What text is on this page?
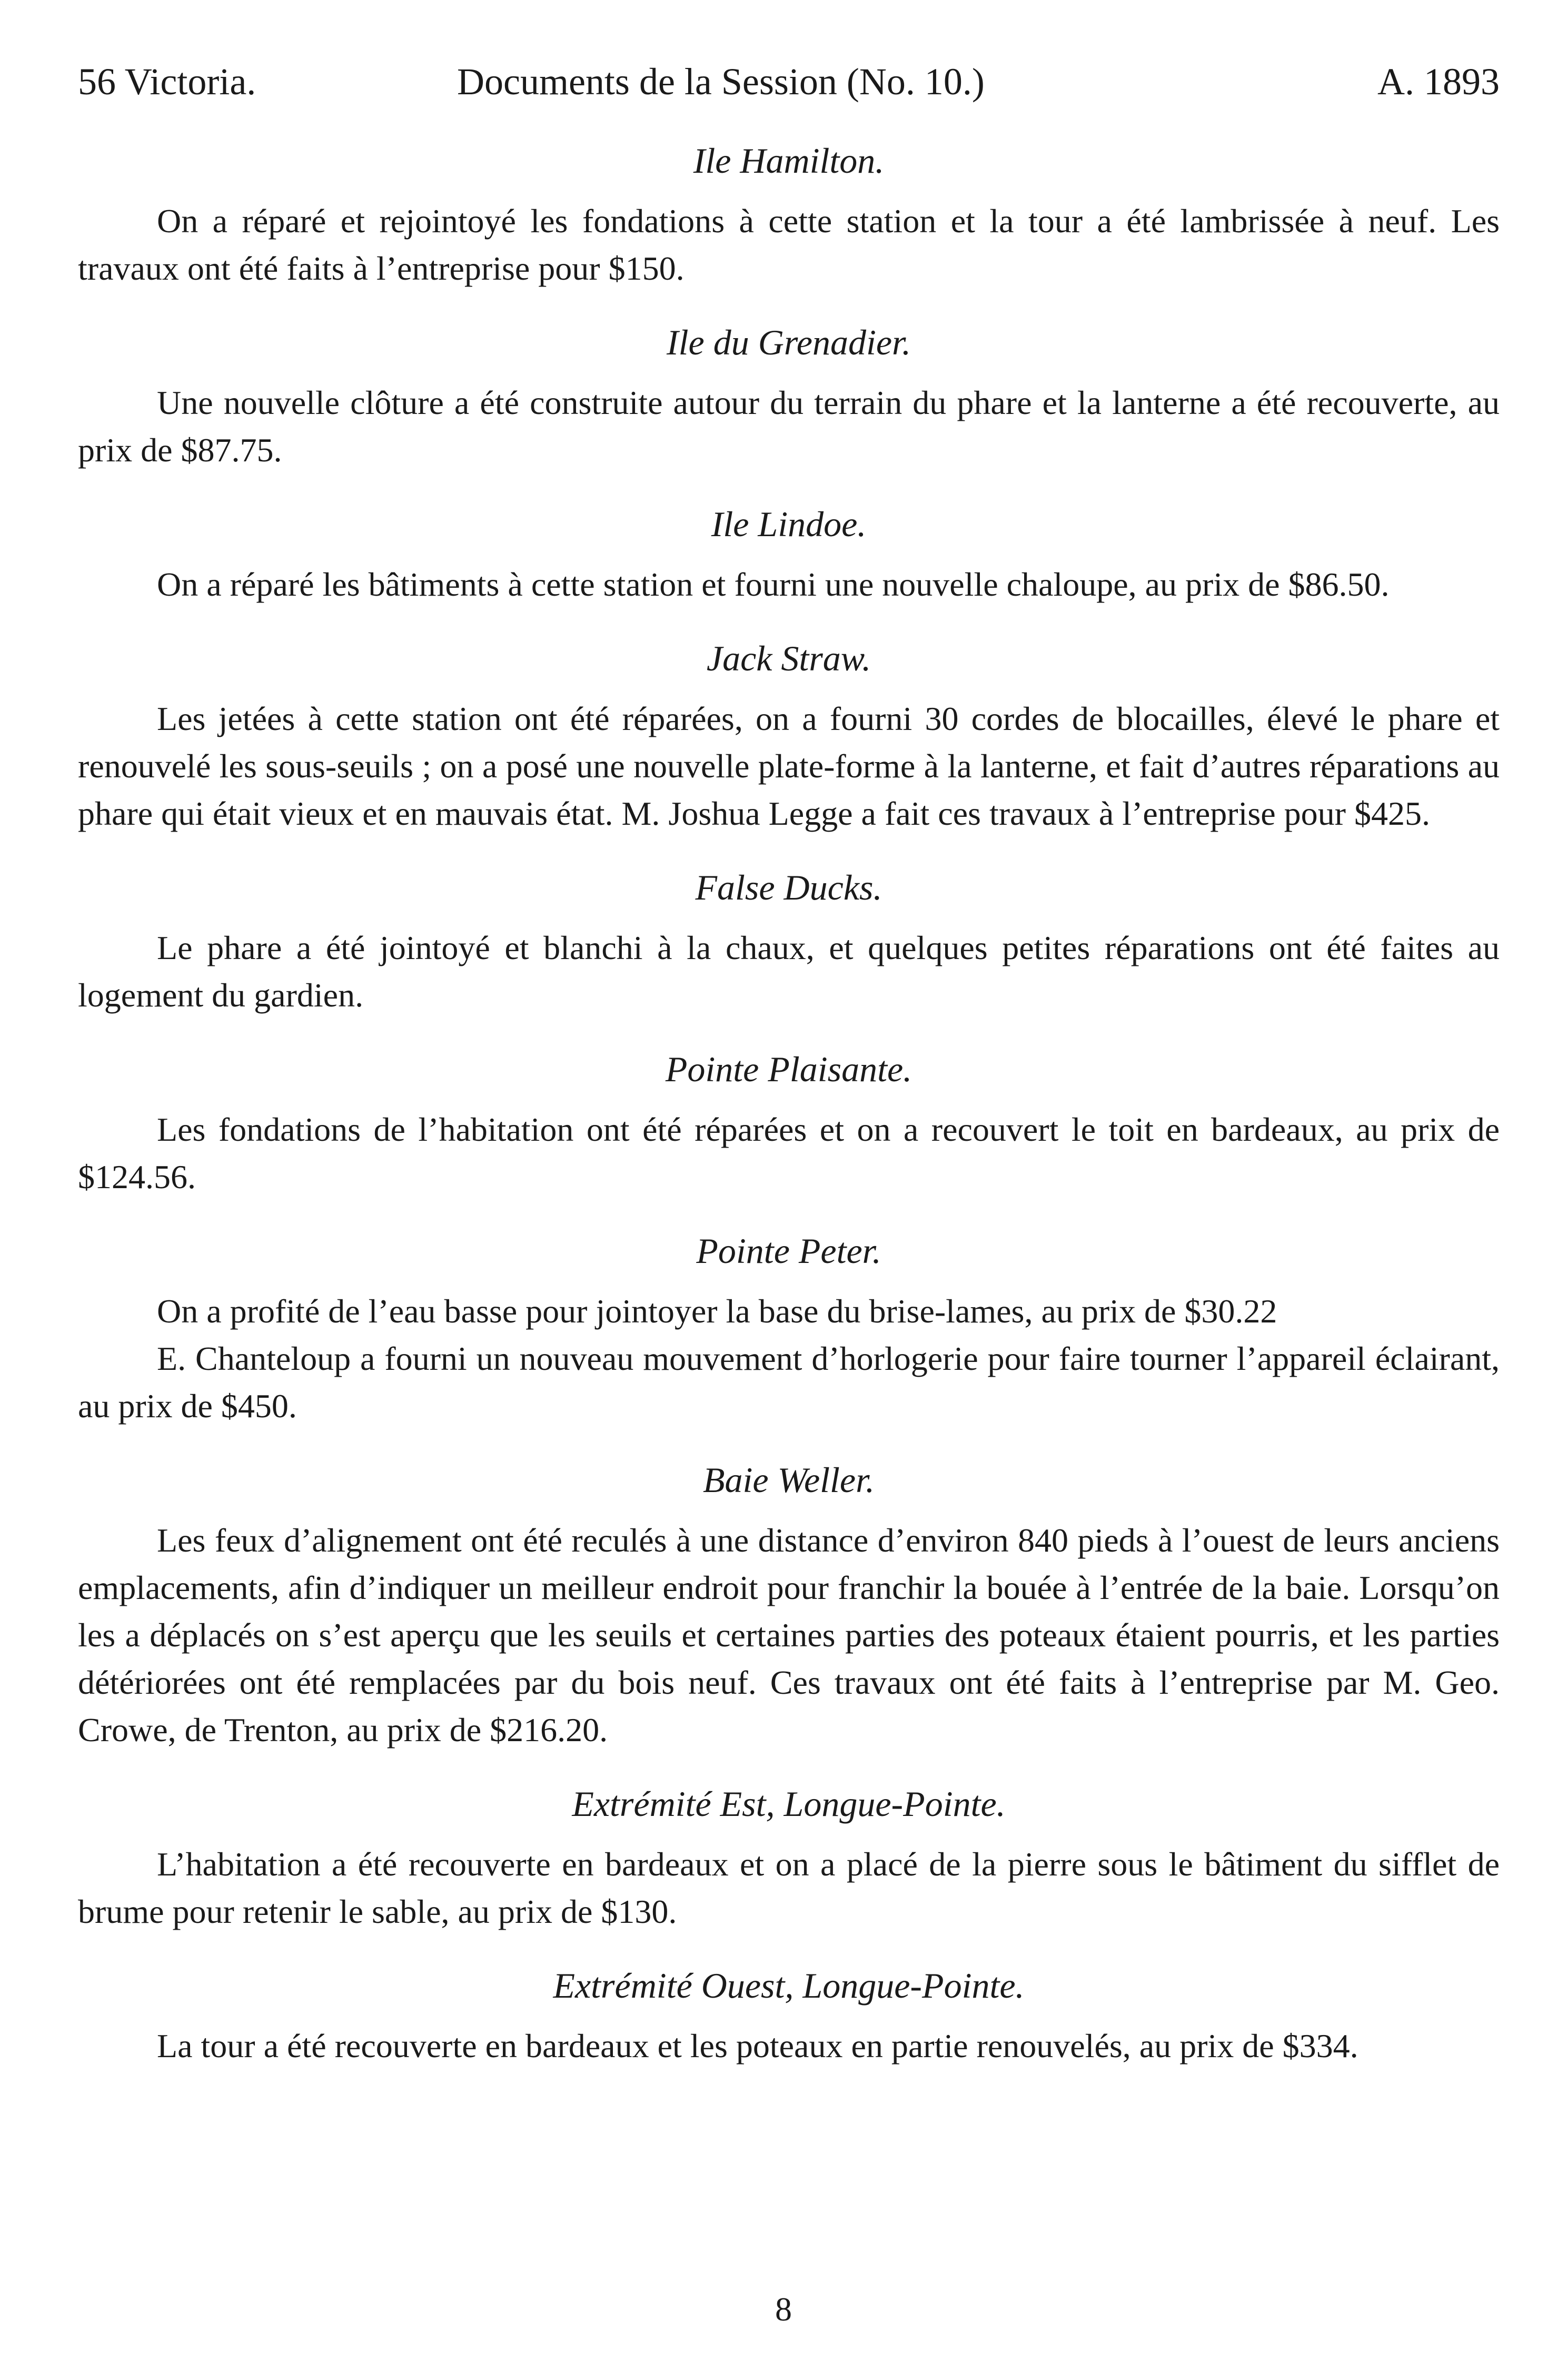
56 Victoria.	Documents de la Session (No. 10.)	A. 1893
Ile Hamilton.

On a réparé et rejointoyé les fondations à cette station et la tour a été lambrissée à neuf. Les travaux ont été faits à l’entreprise pour $150.

Ile du Grenadier.

Une nouvelle clôture a été construite autour du terrain du phare et la lanterne a été recouverte, au prix de $87.75.

Ile Lindoe.

On a réparé les bâtiments à cette station et fourni une nouvelle chaloupe, au prix de $86.50.

Jack Straw.

Les jetées à cette station ont été réparées, on a fourni 30 cordes de blocailles, élevé le phare et renouvelé les sous-seuils ; on a posé une nouvelle plate-forme à la lanterne, et fait d’autres réparations au phare qui était vieux et en mauvais état. M. Joshua Legge a fait ces travaux à l’entreprise pour $425.

False Ducks.

Le phare a été jointoyé et blanchi à la chaux, et quelques petites réparations ont été faites au logement du gardien.

Pointe Plaisante.

Les fondations de l’habitation ont été réparées et on a recouvert le toit en bardeaux, au prix de $124.56.

Pointe Peter.

On a profité de l’eau basse pour jointoyer la base du brise-lames, au prix de $30.22

E. Chanteloup a fourni un nouveau mouvement d’horlogerie pour faire tourner l’appareil éclairant, au prix de $450.

Baie Weller.

Les feux d’alignement ont été reculés à une distance d’environ 840 pieds à l’ouest de leurs anciens emplacements, afin d’indiquer un meilleur endroit pour franchir la bouée à l’entrée de la baie. Lorsqu’on les a déplacés on s’est aperçu que les seuils et certaines parties des poteaux étaient pourris, et les parties détériorées ont été remplacées par du bois neuf. Ces travaux ont été faits à l’entreprise par M. Geo. Crowe, de Trenton, au prix de $216.20.

Extrémité Est, Longue-Pointe.

L’habitation a été recouverte en bardeaux et on a placé de la pierre sous le bâtiment du sifflet de brume pour retenir le sable, au prix de $130.

Extrémité Ouest, Longue-Pointe.

La tour a été recouverte en bardeaux et les poteaux en partie renouvelés, au prix de $334.

8
